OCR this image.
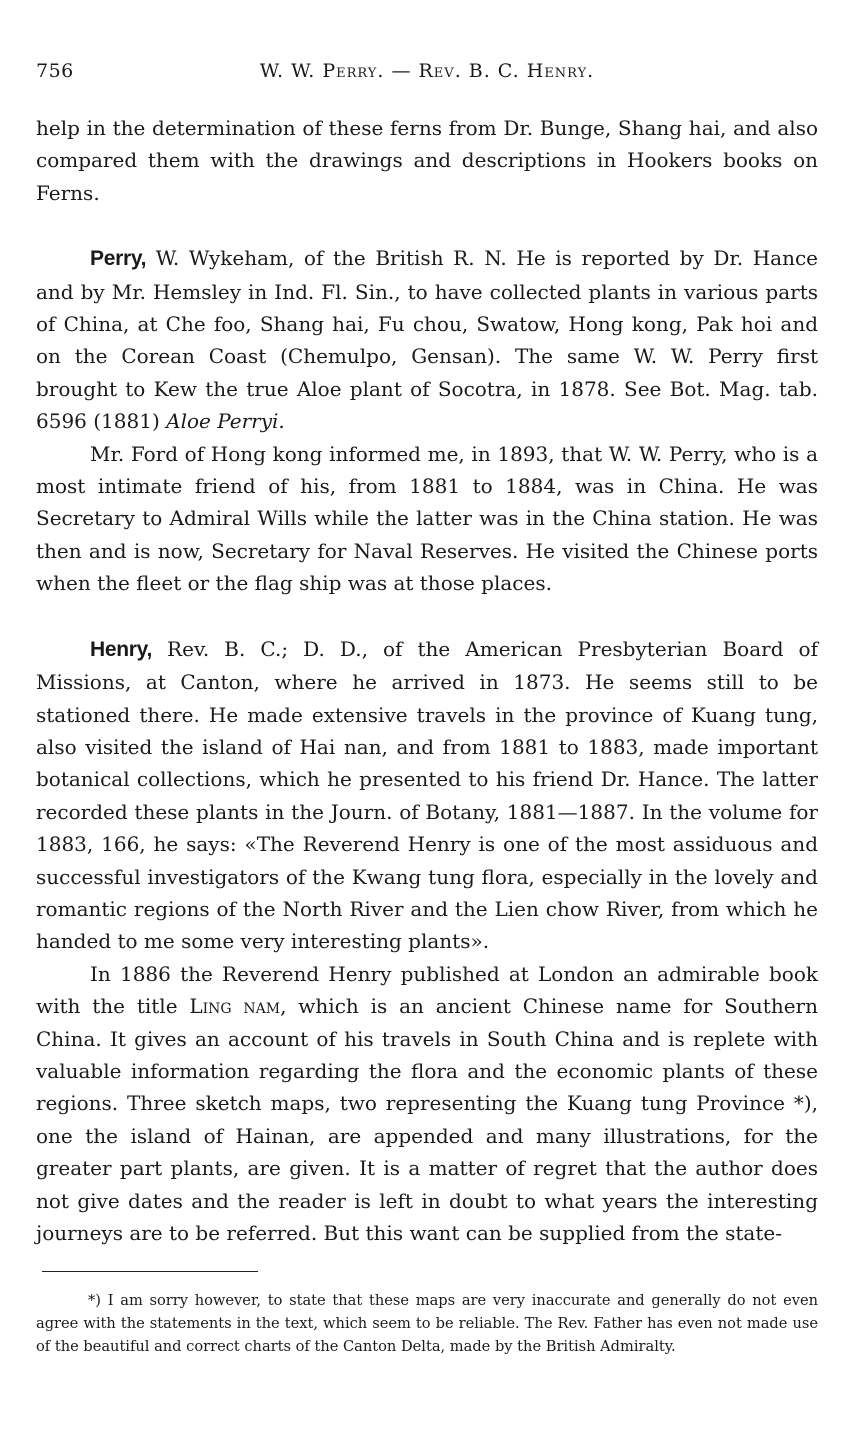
756	W. W. Perry. — Rev. B. C. Henry.

help in the determination of these ferns from Dr. Bunge, Shang hai, and also compared them with the drawings and descriptions in Hookers books on Ferns.

Perry, W. Wykeham, of the British R. N. He is reported by Dr. Hance and by Mr. Hemsley in Ind. Fl. Sin., to have collected plants in various parts of China, at Che foo, Shang hai, Fu chou, Swatow, Hong kong, Pak hoi and on the Corean Coast (Chemulpo, Gensan). The same W. W. Perry first brought to Kew the true Aloe plant of Socotra, in 1878. See Bot. Mag. tab. 6596 (1881) Aloe Perryi.

Mr. Ford of Hong kong informed me, in 1893, that W. W. Perry, who is a most intimate friend of his, from 1881 to 1884, was in China. He was Secretary to Admiral Wills while the latter was in the China station. He was then and is now, Secretary for Naval Reserves. He visited the Chinese ports when the fleet or the flag ship was at those places.

Henry, Rev. B. C.; D. D., of the American Presbyterian Board of Missions, at Canton, where he arrived in 1873. He seems still to be stationed there. He made extensive travels in the province of Kuang tung, also visited the island of Hai nan, and from 1881 to 1883, made important botanical collections, which he presented to his friend Dr. Hance. The latter recorded these plants in the Journ. of Botany, 1881—1887. In the volume for 1883, 166, he says: «The Reverend Henry is one of the most assiduous and successful investigators of the Kwang tung flora, especially in the lovely and romantic regions of the North River and the Lien chow River, from which he handed to me some very interesting plants».

In 1886 the Reverend Henry published at London an admirable book with the title Ling nam, which is an ancient Chinese name for Southern China. It gives an account of his travels in South China and is replete with valuable information regarding the flora and the economic plants of these regions. Three sketch maps, two representing the Kuang tung Province *), one the island of Hainan, are appended and many illustrations, for the greater part plants, are given. It is a matter of regret that the author does not give dates and the reader is left in doubt to what years the interesting journeys are to be referred. But this want can be supplied from the state-

*) I am sorry however, to state that these maps are very inaccurate and generally do not even agree with the statements in the text, which seem to be reliable. The Rev. Father has even not made use of the beautiful and correct charts of the Canton Delta, made by the British Admiralty.
